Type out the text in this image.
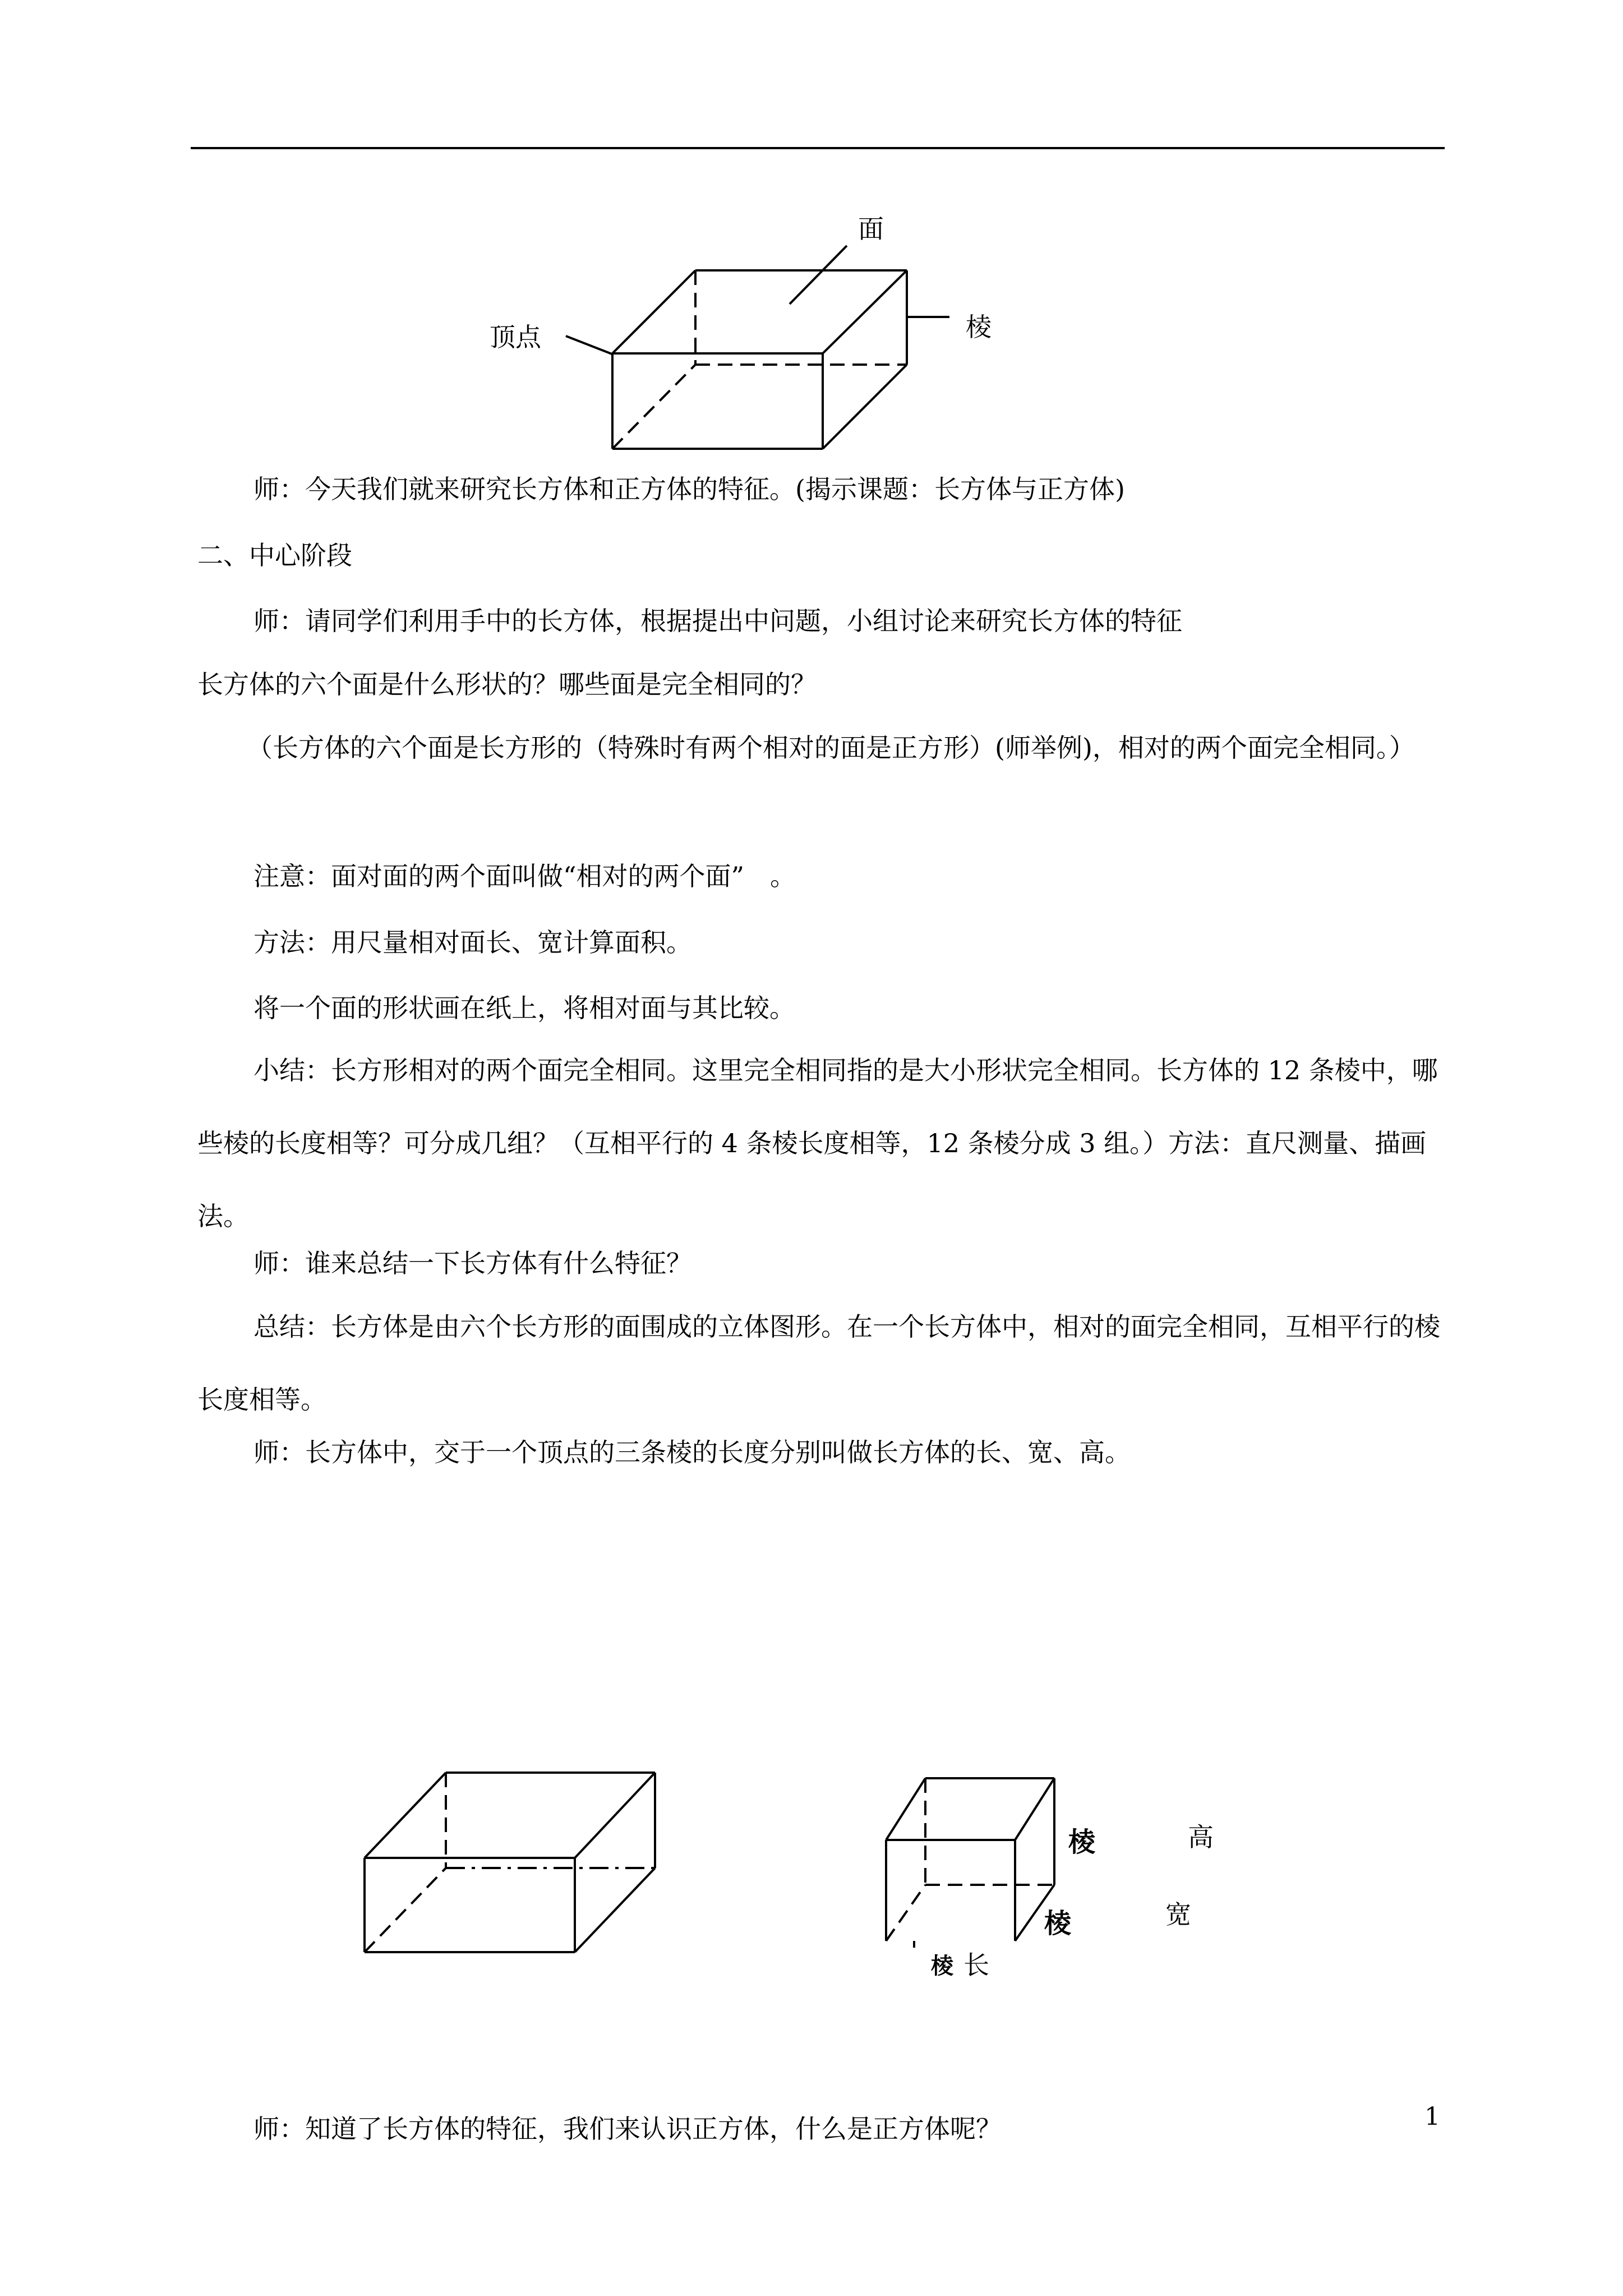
面
顶点	棱
师：今天我们就来研究长方体和正方体的特征。(揭示课题：长方体与正方体)
二、中心阶段
师：请同学们利用手中的长方体，根据提出中问题，小组讨论来研究长方体的特征
长方体的六个面是什么形状的？哪些面是完全相同的？
（长方体的六个面是长方形的（特殊时有两个相对的面是正方形）(师举例)，相对的两个面完全相同。）
注意：面对面的两个面叫做“相对的两个面”　。
方法：用尺量相对面长、宽计算面积。
将一个面的形状画在纸上，将相对面与其比较。
小结：长方形相对的两个面完全相同。这里完全相同指的是大小形状完全相同。长方体的 12 条棱中，哪些棱的长度相等？可分成几组？（互相平行的 4 条棱长度相等，12 条棱分成 3 组。）方法：直尺测量、描画法。
师：谁来总结一下长方体有什么特征？
总结：长方体是由六个长方形的面围成的立体图形。在一个长方体中，相对的面完全相同，互相平行的棱长度相等。
师：长方体中，交于一个顶点的三条棱的长度分别叫做长方体的长、宽、高。
棱
棱
棱 长
高
宽
师：知道了长方体的特征，我们来认识正方体，什么是正方体呢？	1
